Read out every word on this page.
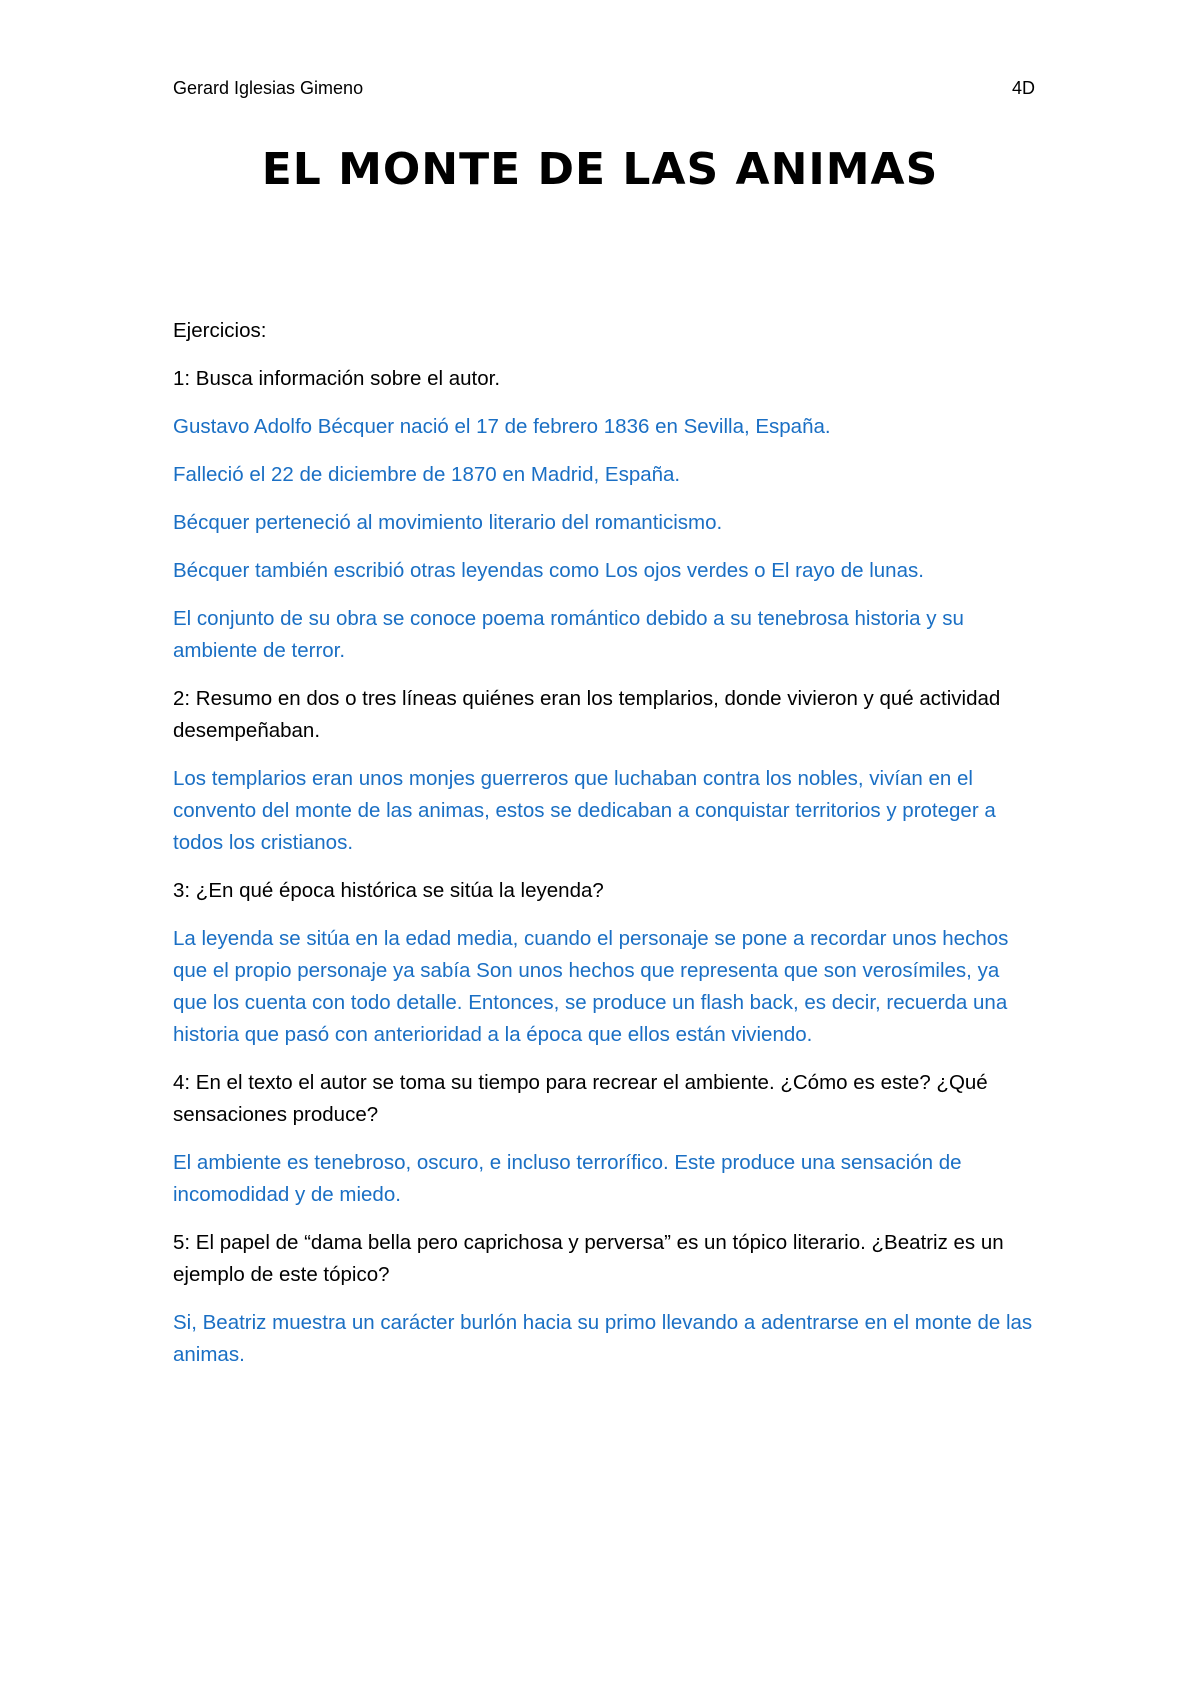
Gerard Iglesias Gimeno	4D
EL MONTE DE LAS ANIMAS

Ejercicios:

1: Busca información sobre el autor.

Gustavo Adolfo Bécquer nació el 17 de febrero 1836 en Sevilla, España.

Falleció el 22 de diciembre de 1870 en Madrid, España.

Bécquer perteneció al movimiento literario del romanticismo.

Bécquer también escribió otras leyendas como Los ojos verdes o El rayo de lunas.

El conjunto de su obra se conoce poema romántico debido a su tenebrosa historia y su ambiente de terror.

2: Resumo en dos o tres líneas quiénes eran los templarios, donde vivieron y qué actividad desempeñaban.

Los templarios eran unos monjes guerreros que luchaban contra los nobles, vivían en el convento del monte de las animas, estos se dedicaban a conquistar territorios y proteger a todos los cristianos.

3: ¿En qué época histórica se sitúa la leyenda?

La leyenda se sitúa en la edad media, cuando el personaje se pone a recordar unos hechos que el propio personaje ya sabía Son unos hechos que representa que son verosímiles, ya que los cuenta con todo detalle. Entonces, se produce un flash back, es decir, recuerda una historia que pasó con anterioridad a la época que ellos están viviendo.

4: En el texto el autor se toma su tiempo para recrear el ambiente. ¿Cómo es este? ¿Qué sensaciones produce?

El ambiente es tenebroso, oscuro, e incluso terrorífico. Este produce una sensación de incomodidad y de miedo.

5: El papel de “dama bella pero caprichosa y perversa” es un tópico literario. ¿Beatriz es un ejemplo de este tópico?

Si, Beatriz muestra un carácter burlón hacia su primo llevando a adentrarse en el monte de las animas.
